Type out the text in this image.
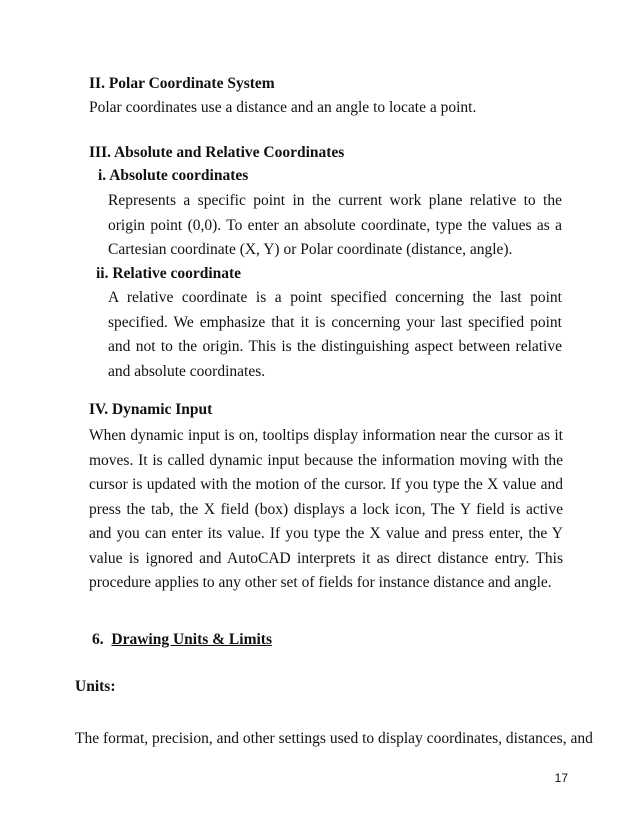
II. Polar Coordinate System

Polar coordinates use a distance and an angle to locate a point.

III. Absolute and Relative Coordinates
i. Absolute coordinates

Represents a specific point in the current work plane relative to the origin point (0,0). To enter an absolute coordinate, type the values as a Cartesian coordinate (X, Y) or Polar coordinate (distance, angle).

ii. Relative coordinate

A relative coordinate is a point specified concerning the last point specified. We emphasize that it is concerning your last specified point and not to the origin. This is the distinguishing aspect between relative and absolute coordinates.

IV. Dynamic Input

When dynamic input is on, tooltips display information near the cursor as it moves. It is called dynamic input because the information moving with the cursor is updated with the motion of the cursor. If you type the X value and press the tab, the X field (box) displays a lock icon, The Y field is active and you can enter its value. If you type the X value and press enter, the Y value is ignored and AutoCAD interprets it as direct distance entry. This procedure applies to any other set of fields for instance distance and angle.

6. Drawing Units & Limits
Units:

The format, precision, and other settings used to display coordinates, distances, and

17
